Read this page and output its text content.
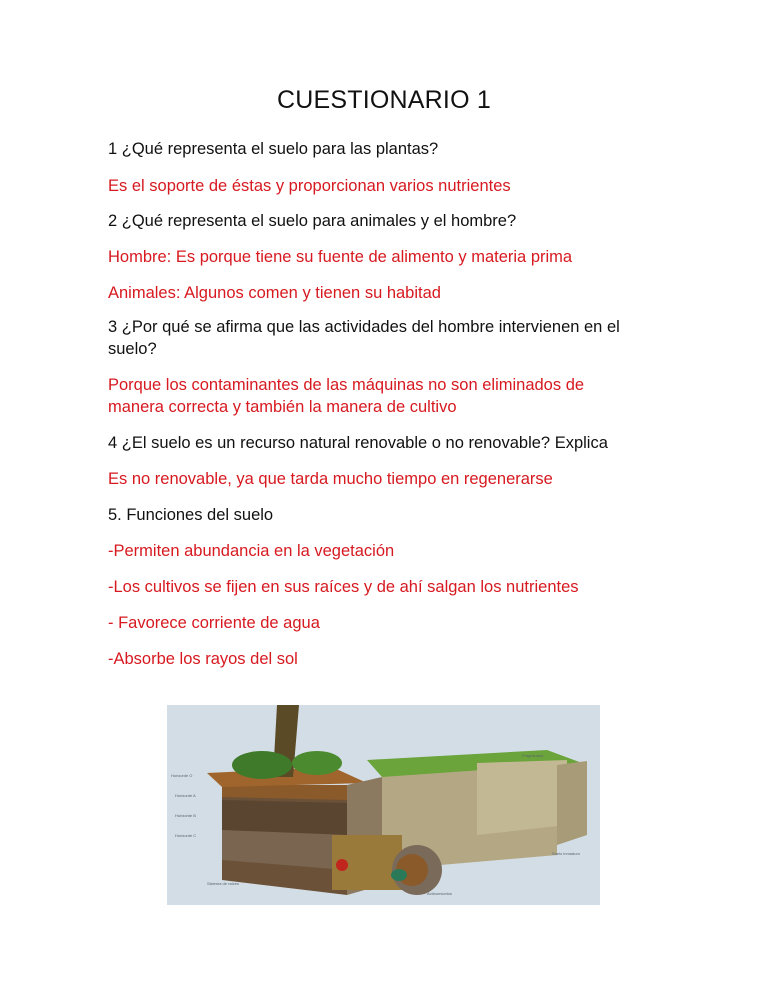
CUESTIONARIO 1
1 ¿Qué representa el suelo para las plantas?
Es el soporte de éstas y proporcionan varios nutrientes
2 ¿Qué representa el suelo para animales y el hombre?
Hombre: Es porque tiene su fuente de alimento y materia prima
Animales: Algunos comen y tienen su habitad
3 ¿Por qué se afirma que las actividades del hombre intervienen en el
suelo?
Porque los contaminantes de las máquinas no son eliminados de
manera correcta y también la manera de cultivo
4 ¿El suelo es un recurso natural renovable o no renovable? Explica
Es no renovable, ya que tarda mucho tiempo en regenerarse
5. Funciones del suelo
-Permiten abundancia en la vegetación
-Los cultivos se fijen en sus raíces y de ahí salgan los nutrientes
- Favorece corriente de agua
-Absorbe los rayos del sol
Horizonte O
Horizonte A
Horizonte B
Horizonte C
Sistema de raíces
Fragmentos
Suelo inmaduro
Actinomicetos
